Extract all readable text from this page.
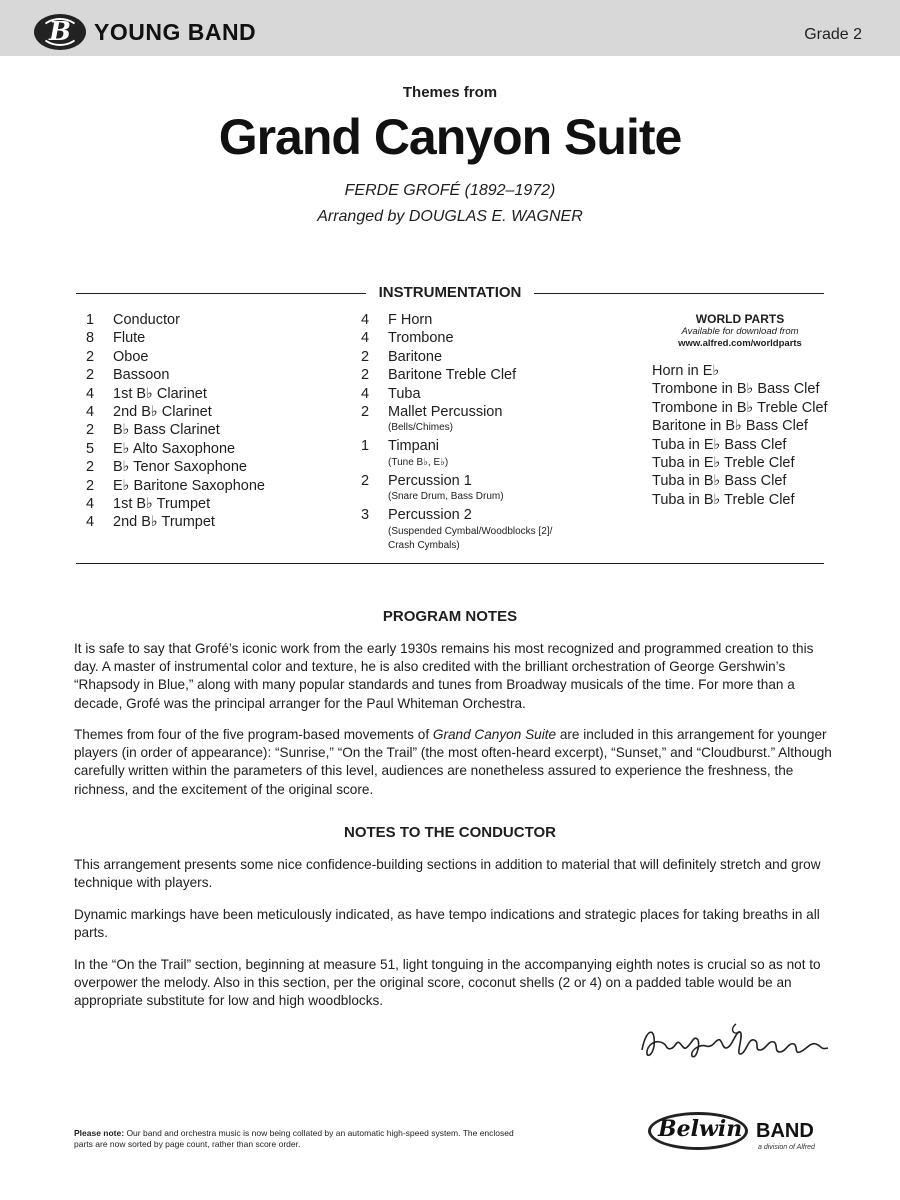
B	YOUNG BAND	Grade 2
Themes from
Grand Canyon Suite
FERDE GROFÉ (1892–1972)
Arranged by DOUGLAS E. WAGNER
INSTRUMENTATION
1 Conductor
8 Flute
2 Oboe
2 Bassoon
4 1st B♭ Clarinet
4 2nd B♭ Clarinet
2 B♭ Bass Clarinet
5 E♭ Alto Saxophone
2 B♭ Tenor Saxophone
2 E♭ Baritone Saxophone
4 1st B♭ Trumpet
4 2nd B♭ Trumpet
4 F Horn
4 Trombone
2 Baritone
2 Baritone Treble Clef
4 Tuba
2 Mallet Percussion
(Bells/Chimes)
1 Timpani
(Tune B♭, E♭)
2 Percussion 1
(Snare Drum, Bass Drum)
3 Percussion 2
(Suspended Cymbal/Woodblocks [2]/
Crash Cymbals)
WORLD PARTS
Available for download from
www.alfred.com/worldparts
Horn in E♭
Trombone in B♭ Bass Clef
Trombone in B♭ Treble Clef
Baritone in B♭ Bass Clef
Tuba in E♭ Bass Clef
Tuba in E♭ Treble Clef
Tuba in B♭ Bass Clef
Tuba in B♭ Treble Clef
PROGRAM NOTES

It is safe to say that Grofé’s iconic work from the early 1930s remains his most recognized and programmed creation to this day. A master of instrumental color and texture, he is also credited with the brilliant orchestration of George Gershwin’s “Rhapsody in Blue,” along with many popular standards and tunes from Broadway musicals of the time. For more than a decade, Grofé was the principal arranger for the Paul Whiteman Orchestra.

Themes from four of the five program-based movements of Grand Canyon Suite are included in this arrangement for younger players (in order of appearance): “Sunrise,” “On the Trail” (the most often-heard excerpt), “Sunset,” and “Cloudburst.” Although carefully written within the parameters of this level, audiences are nonetheless assured to experience the freshness, the richness, and the excitement of the original score.

NOTES TO THE CONDUCTOR

This arrangement presents some nice confidence-building sections in addition to material that will definitely stretch and grow technique with players.

Dynamic markings have been meticulously indicated, as have tempo indications and strategic places for taking breaths in all parts.

In the “On the Trail” section, beginning at measure 51, light tonguing in the accompanying eighth notes is crucial so as not to overpower the melody. Also in this section, per the original score, coconut shells (2 or 4) on a padded table would be an appropriate substitute for low and high woodblocks.

Please note: Our band and orchestra music is now being collated by an automatic high-speed system. The enclosed parts are now sorted by page count, rather than score order.
Belwin BAND
a division of Alfred
